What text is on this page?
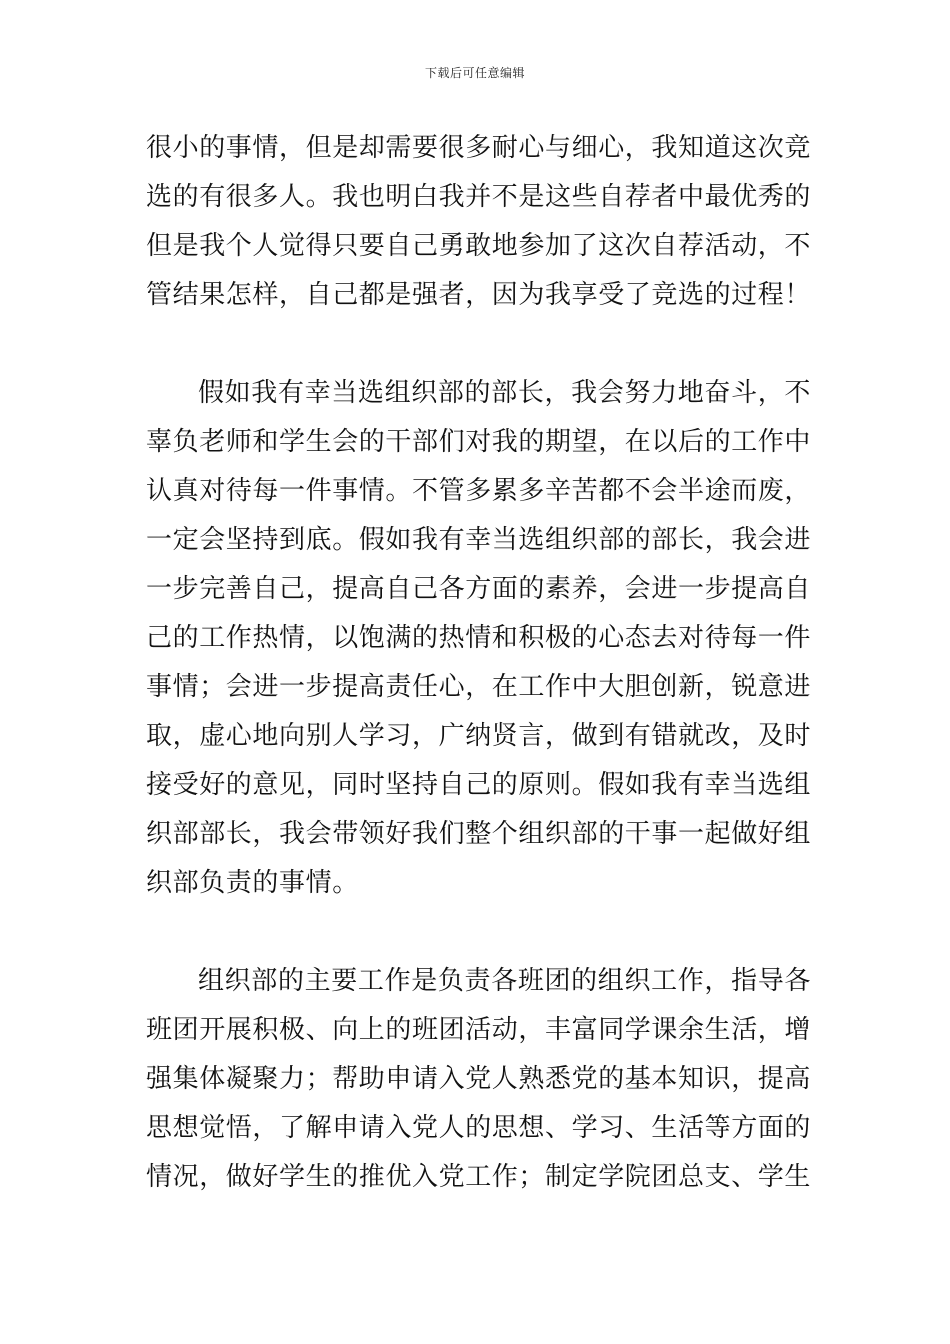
下载后可任意编辑

很小的事情，但是却需要很多耐心与细心，我知道这次竞选的有很多人。我也明白我并不是这些自荐者中最优秀的但是我个人觉得只要自己勇敢地参加了这次自荐活动，不管结果怎样，自己都是强者，因为我享受了竞选的过程！

假如我有幸当选组织部的部长，我会努力地奋斗，不辜负老师和学生会的干部们对我的期望，在以后的工作中认真对待每一件事情。不管多累多辛苦都不会半途而废，一定会坚持到底。假如我有幸当选组织部的部长，我会进一步完善自己，提高自己各方面的素养，会进一步提高自己的工作热情，以饱满的热情和积极的心态去对待每一件事情；会进一步提高责任心，在工作中大胆创新，锐意进取，虚心地向别人学习，广纳贤言，做到有错就改，及时接受好的意见，同时坚持自己的原则。假如我有幸当选组织部部长，我会带领好我们整个组织部的干事一起做好组织部负责的事情。

组织部的主要工作是负责各班团的组织工作，指导各班团开展积极、向上的班团活动，丰富同学课余生活，增强集体凝聚力；帮助申请入党人熟悉党的基本知识，提高思想觉悟，了解申请入党人的思想、学习、生活等方面的情况，做好学生的推优入党工作；制定学院团总支、学生
